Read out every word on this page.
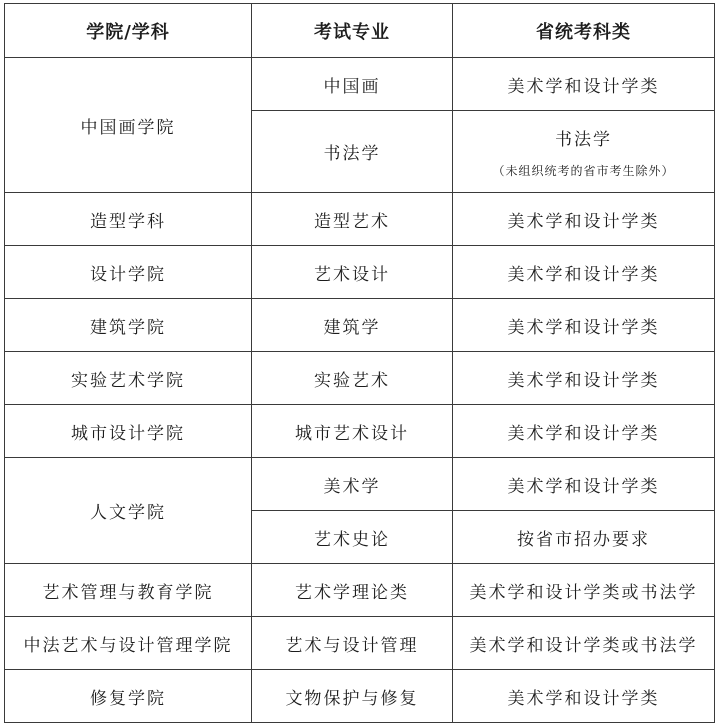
学院/学科	考试专业	省统考科类
中国画学院	中国画	美术学和设计学类
	书法学	书法学
（未组织统考的省市考生除外）

造型学科	造型艺术	美术学和设计学类
设计学院	艺术设计	美术学和设计学类
建筑学院	建筑学	美术学和设计学类
实验艺术学院	实验艺术	美术学和设计学类
城市设计学院	城市艺术设计	美术学和设计学类
人文学院	美术学	美术学和设计学类
	艺术史论	按省市招办要求
艺术管理与教育学院	艺术学理论类	美术学和设计学类或书法学
中法艺术与设计管理学院	艺术与设计管理	美术学和设计学类或书法学
修复学院	文物保护与修复	美术学和设计学类
